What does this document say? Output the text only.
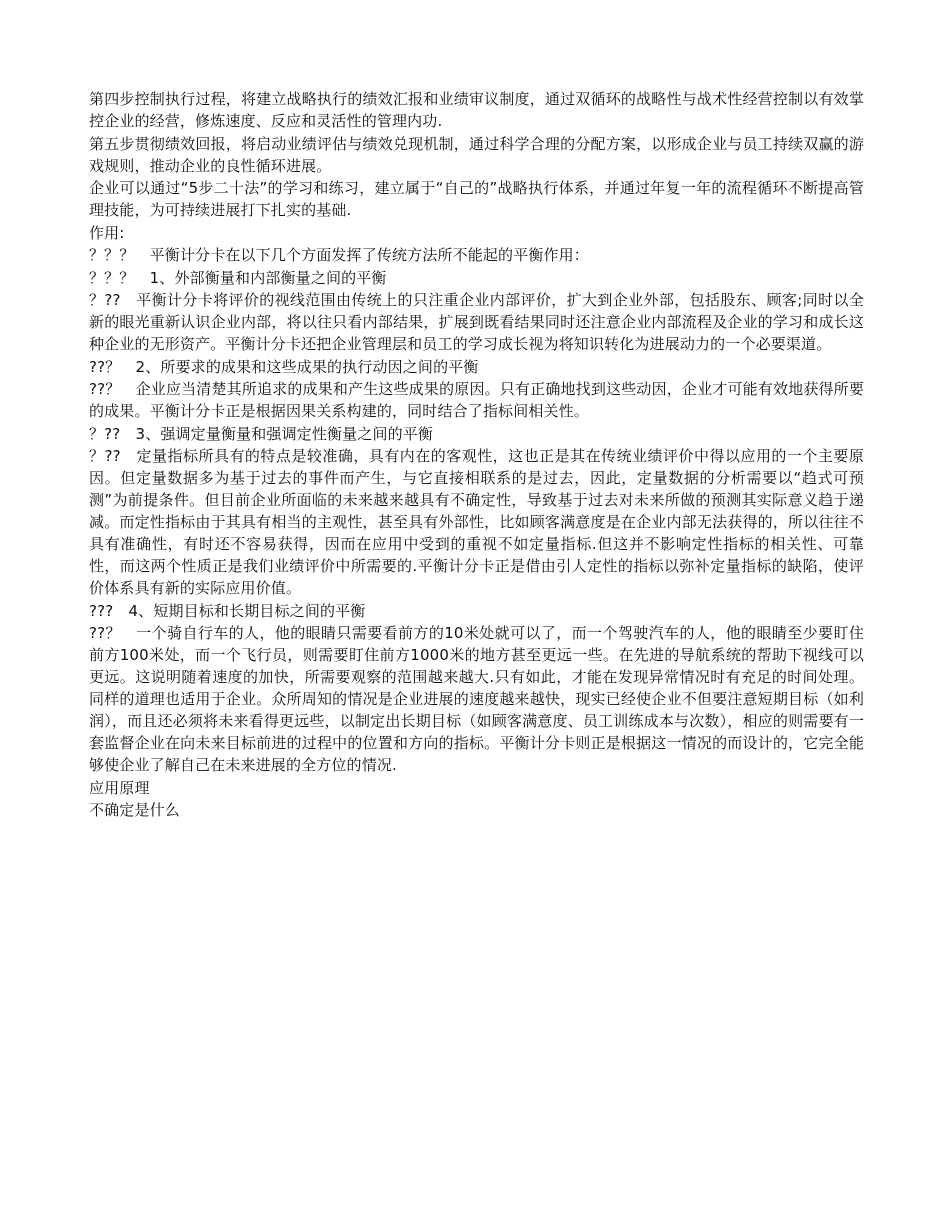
第四步控制执行过程，将建立战略执行的绩效汇报和业绩审议制度，通过双循环的战略性与战术性经营控制以有效掌控企业的经营，修炼速度、反应和灵活性的管理内功.

第五步贯彻绩效回报，将启动业绩评估与绩效兑现机制，通过科学合理的分配方案，以形成企业与员工持续双赢的游戏规则，推动企业的良性循环进展。

企业可以通过“5步二十法”的学习和练习，建立属于“自己的”战略执行体系，并通过年复一年的流程循环不断提高管理技能，为可持续进展打下扎实的基础.

作用:

？？？　平衡计分卡在以下几个方面发挥了传统方法所不能起的平衡作用：

？？？　1、外部衡量和内部衡量之间的平衡

？??　平衡计分卡将评价的视线范围由传统上的只注重企业内部评价，扩大到企业外部，包括股东、顾客;同时以全新的眼光重新认识企业内部，将以往只看内部结果，扩展到既看结果同时还注意企业内部流程及企业的学习和成长这种企业的无形资产。平衡计分卡还把企业管理层和员工的学习成长视为将知识转化为进展动力的一个必要渠道。

??？　2、所要求的成果和这些成果的执行动因之间的平衡

??？　企业应当清楚其所追求的成果和产生这些成果的原因。只有正确地找到这些动因，企业才可能有效地获得所要的成果。平衡计分卡正是根据因果关系构建的，同时结合了指标间相关性。

？??　3、强调定量衡量和强调定性衡量之间的平衡

？??　定量指标所具有的特点是较准确，具有内在的客观性，这也正是其在传统业绩评价中得以应用的一个主要原因。但定量数据多为基于过去的事件而产生，与它直接相联系的是过去，因此，定量数据的分析需要以“趋式可预测”为前提条件。但目前企业所面临的未来越来越具有不确定性，导致基于过去对未来所做的预测其实际意义趋于递减。而定性指标由于其具有相当的主观性，甚至具有外部性，比如顾客满意度是在企业内部无法获得的，所以往往不具有准确性，有时还不容易获得，因而在应用中受到的重视不如定量指标.但这并不影响定性指标的相关性、可靠性，而这两个性质正是我们业绩评价中所需要的.平衡计分卡正是借由引人定性的指标以弥补定量指标的缺陷，使评价体系具有新的实际应用价值。

???　4、短期目标和长期目标之间的平衡

??？　一个骑自行车的人，他的眼睛只需要看前方的10米处就可以了，而一个驾驶汽车的人，他的眼睛至少要盯住前方100米处，而一个飞行员，则需要盯住前方1000米的地方甚至更远一些。在先进的导航系统的帮助下视线可以更远。这说明随着速度的加快，所需要观察的范围越来越大.只有如此，才能在发现异常情况时有充足的时间处理。同样的道理也适用于企业。众所周知的情况是企业进展的速度越来越快，现实已经使企业不但要注意短期目标（如利润），而且还必须将未来看得更远些，以制定出长期目标（如顾客满意度、员工训练成本与次数），相应的则需要有一套监督企业在向未来目标前进的过程中的位置和方向的指标。平衡计分卡则正是根据这一情况的而设计的，它完全能够使企业了解自己在未来进展的全方位的情况.

应用原理

不确定是什么
